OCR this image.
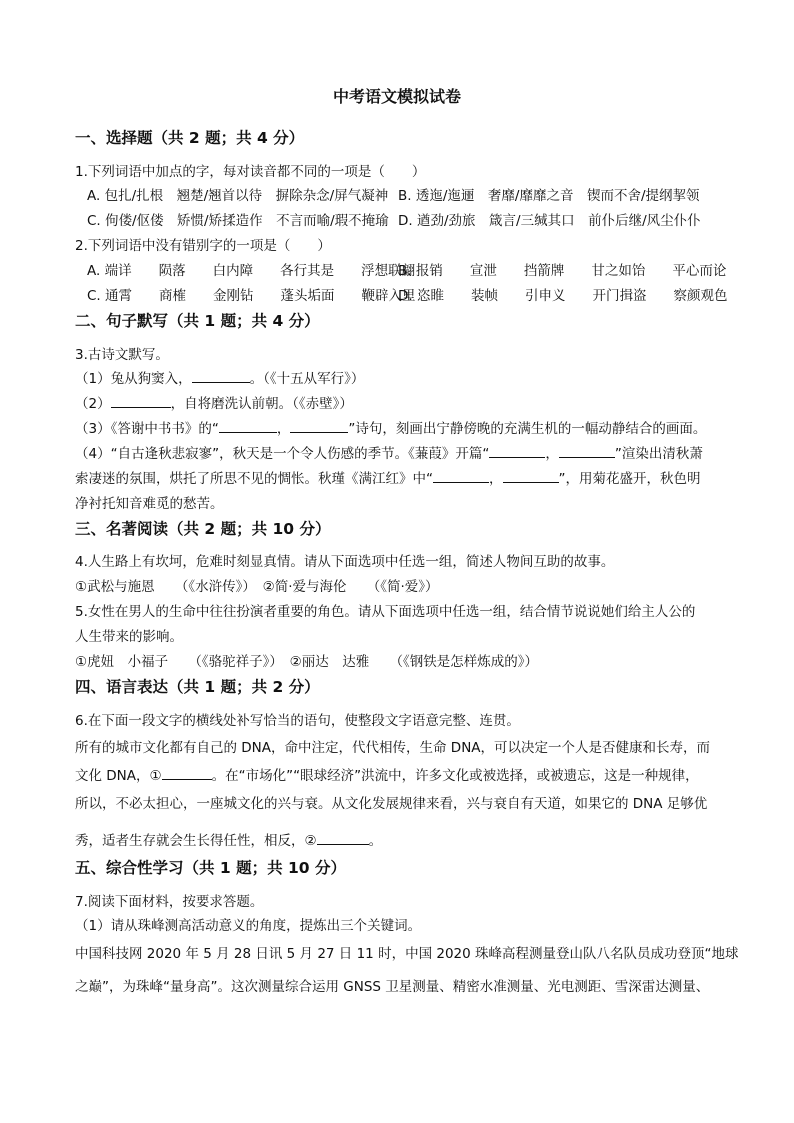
中考语文模拟试卷
一、选择题（共 2 题；共 4 分）
1.下列词语中加点的字，每对读音都不同的一项是（　　）
A. 包扎/扎根　翘楚/翘首以待　摒除杂念/屏气凝神 B. 透迤/迤逦　奢靡/靡靡之音　锲而不舍/提纲挈领
C. 佝偻/伛偻　矫惯/矫揉造作　不言而喻/瑕不掩瑜 D. 遒劲/劲旅　箴言/三缄其口　前仆后继/风尘仆仆
2.下列词语中没有错别字的一项是（　　）
A. 端详　　陨落　　白内障　　各行其是　　浮想联翩
B. 报销　　宣泄　　挡箭牌　　甘之如饴　　平心而论
C. 通霄　　商榷　　金刚钻　　蓬头垢面　　鞭辟入里
D. 恣睢　　装帧　　引申义　　开门揖盗　　察颜观色
二、句子默写（共 1 题；共 4 分）
3.古诗文默写。
（1）兔从狗窦入，	。（《十五从军行》）
（2）	，自将磨洗认前朝。（《赤壁》）
（3）《答谢中书书》的“	，	”诗句，刻画出宁静傍晚的充满生机的一幅动静结合的画面。
（4）“自古逢秋悲寂寥”，秋天是一个令人伤感的季节。《蒹葭》开篇“	，	”渲染出清秋萧
索凄迷的氛围，烘托了所思不见的惆怅。秋瑾《满江红》中“	，	”，用菊花盛开，秋色明
净衬托知音难觅的愁苦。
三、名著阅读（共 2 题；共 10 分）
4.人生路上有坎坷，危难时刻显真情。请从下面选项中任选一组，简述人物间互助的故事。
①武松与施恩　　（《水浒传》）　②简·爱与海伦　　（《简·爱》）
5.女性在男人的生命中往往扮演者重要的角色。请从下面选项中任选一组，结合情节说说她们给主人公的
人生带来的影响。
①虎妞　小福子　　（《骆驼祥子》）　②丽达　达雅　　（《钢铁是怎样炼成的》）
四、语言表达（共 1 题；共 2 分）
6.在下面一段文字的横线处补写恰当的语句，使整段文字语意完整、连贯。
所有的城市文化都有自己的 DNA，命中注定，代代相传，生命 DNA，可以决定一个人是否健康和长寿，而
文化 DNA，①	。在“市场化”“眼球经济”洪流中，许多文化或被选择，或被遗忘，这是一种规律，
所以，不必太担心，一座城文化的兴与衰。从文化发展规律来看，兴与衰自有天道，如果它的 DNA 足够优
秀，适者生存就会生长得任性，相反，②	。
五、综合性学习（共 1 题；共 10 分）
7.阅读下面材料，按要求答题。
（1）请从珠峰测高活动意义的角度，提炼出三个关键词。
中国科技网 2020 年 5 月 28 日讯 5 月 27 日 11 时，中国 2020 珠峰高程测量登山队八名队员成功登顶“地球
之巅”，为珠峰“量身高”。这次测量综合运用 GNSS 卫星测量、精密水准测量、光电测距、雪深雷达测量、
